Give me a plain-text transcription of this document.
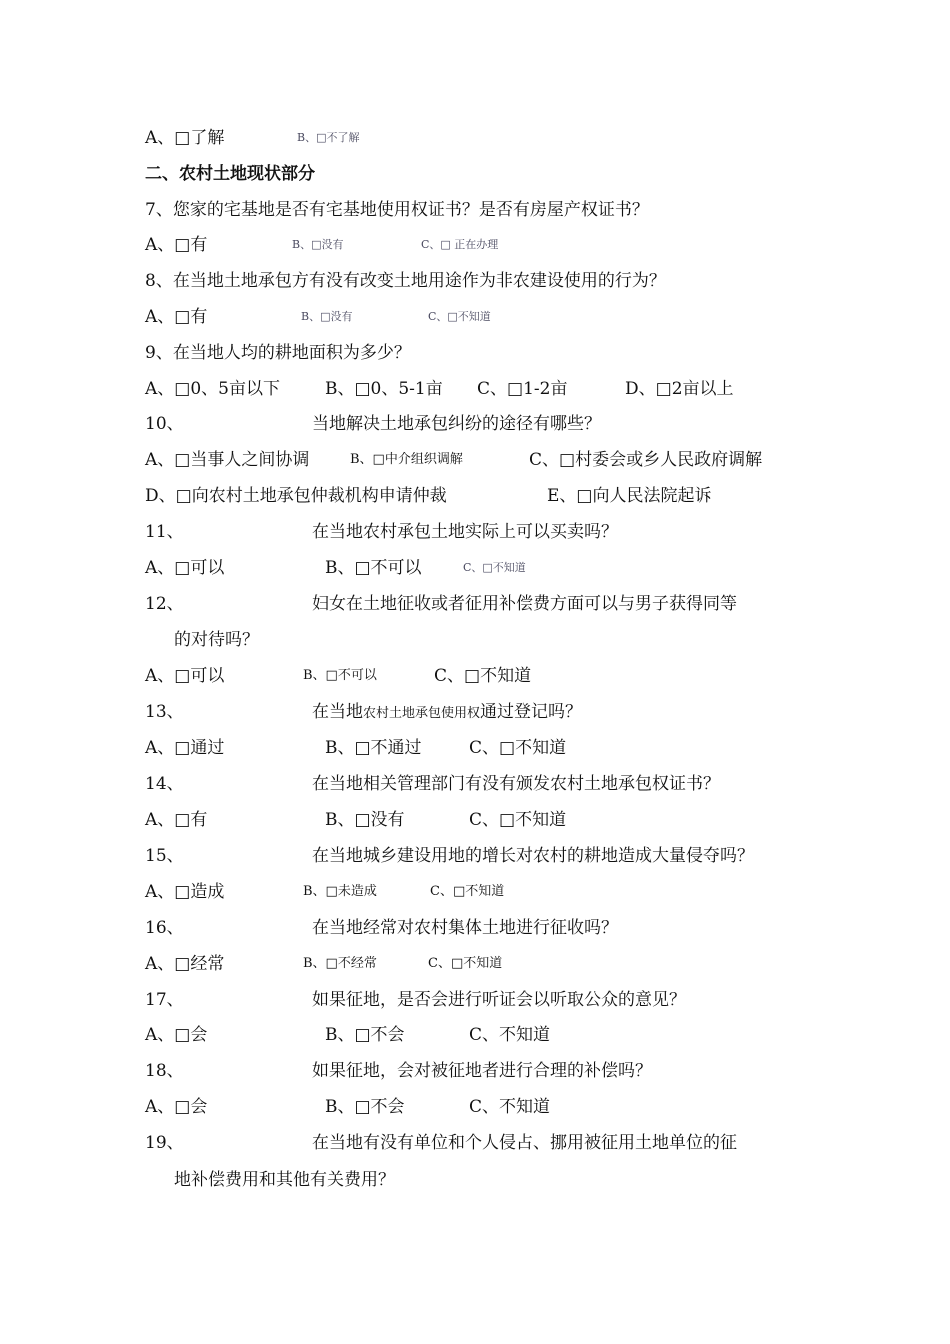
A、□了解	B、□不了解
二、农村土地现状部分
7、您家的宅基地是否有宅基地使用权证书？是否有房屋产权证书？
A、□有	B、□没有	C、□ 正在办理
8、在当地土地承包方有没有改变土地用途作为非农建设使用的行为？
A、□有	B、□没有	C、□不知道
9、在当地人均的耕地面积为多少？
A、□0、5亩以下	B、□0、5-1亩 C、□1-2亩	D、□2亩以上
10、	当地解决土地承包纠纷的途径有哪些？
A、□当事人之间协调	B、□中介组织调解	C、□村委会或乡人民政府调解
D、□向农村土地承包仲裁机构申请仲裁	E、□向人民法院起诉
11、	在当地农村承包土地实际上可以买卖吗？
A、□可以	B、□不可以	C、□不知道
12、	妇女在土地征收或者征用补偿费方面可以与男子获得同等
的对待吗？
A、□可以	B、□不可以	C、□不知道
13、	在当地农村土地承包使用权通过登记吗？
A、□通过	B、□不通过	C、□不知道
14、	在当地相关管理部门有没有颁发农村土地承包权证书？
A、□有	B、□没有	C、□不知道
15、	在当地城乡建设用地的增长对农村的耕地造成大量侵夺吗？
A、□造成	B、□未造成	C、□不知道
16、	在当地经常对农村集体土地进行征收吗？
A、□经常	B、□不经常	C、□不知道
17、	如果征地，是否会进行听证会以听取公众的意见？
A、□会	B、□不会	C、不知道
18、	如果征地，会对被征地者进行合理的补偿吗？
A、□会	B、□不会	C、不知道
19、	在当地有没有单位和个人侵占、挪用被征用土地单位的征
地补偿费用和其他有关费用？
